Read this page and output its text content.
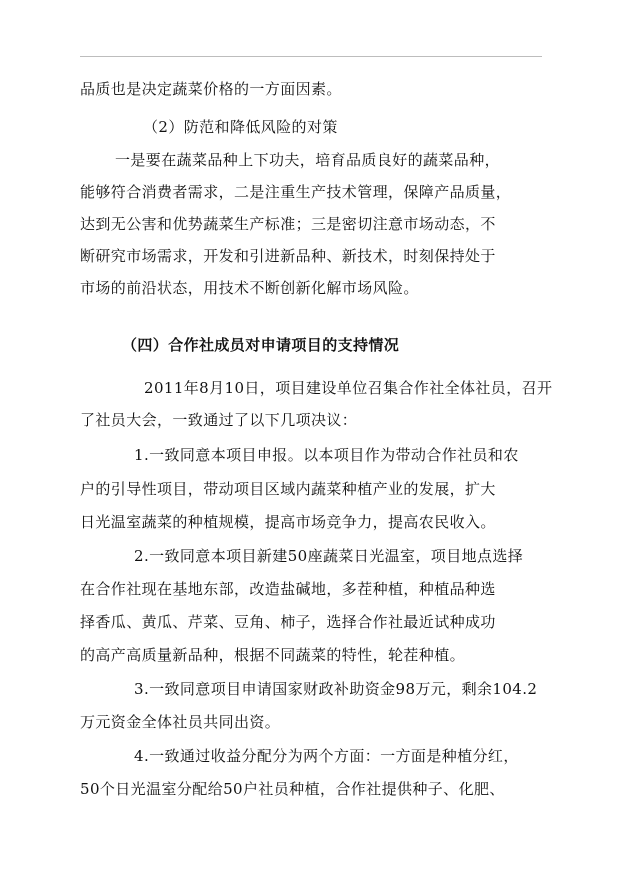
品质也是决定蔬菜价格的一方面因素。
（2）防范和降低风险的对策
一是要在蔬菜品种上下功夫，培育品质良好的蔬菜品种，
能够符合消费者需求，二是注重生产技术管理，保障产品质量，
达到无公害和优势蔬菜生产标准；三是密切注意市场动态，不
断研究市场需求，开发和引进新品种、新技术，时刻保持处于
市场的前沿状态，用技术不断创新化解市场风险。
（四）合作社成员对申请项目的支持情况
2011年8月10日，项目建设单位召集合作社全体社员，召开
了社员大会，一致通过了以下几项决议：
1.一致同意本项目申报。以本项目作为带动合作社员和农
户的引导性项目，带动项目区域内蔬菜种植产业的发展，扩大
日光温室蔬菜的种植规模，提高市场竞争力，提高农民收入。
2.一致同意本项目新建50座蔬菜日光温室，项目地点选择
在合作社现在基地东部，改造盐碱地，多茬种植，种植品种选
择香瓜、黄瓜、芹菜、豆角、柿子，选择合作社最近试种成功
的高产高质量新品种，根据不同蔬菜的特性，轮茬种植。
3.一致同意项目申请国家财政补助资金98万元，剩余104.2
万元资金全体社员共同出资。
4.一致通过收益分配分为两个方面：一方面是种植分红，
50个日光温室分配给50户社员种植，合作社提供种子、化肥、
